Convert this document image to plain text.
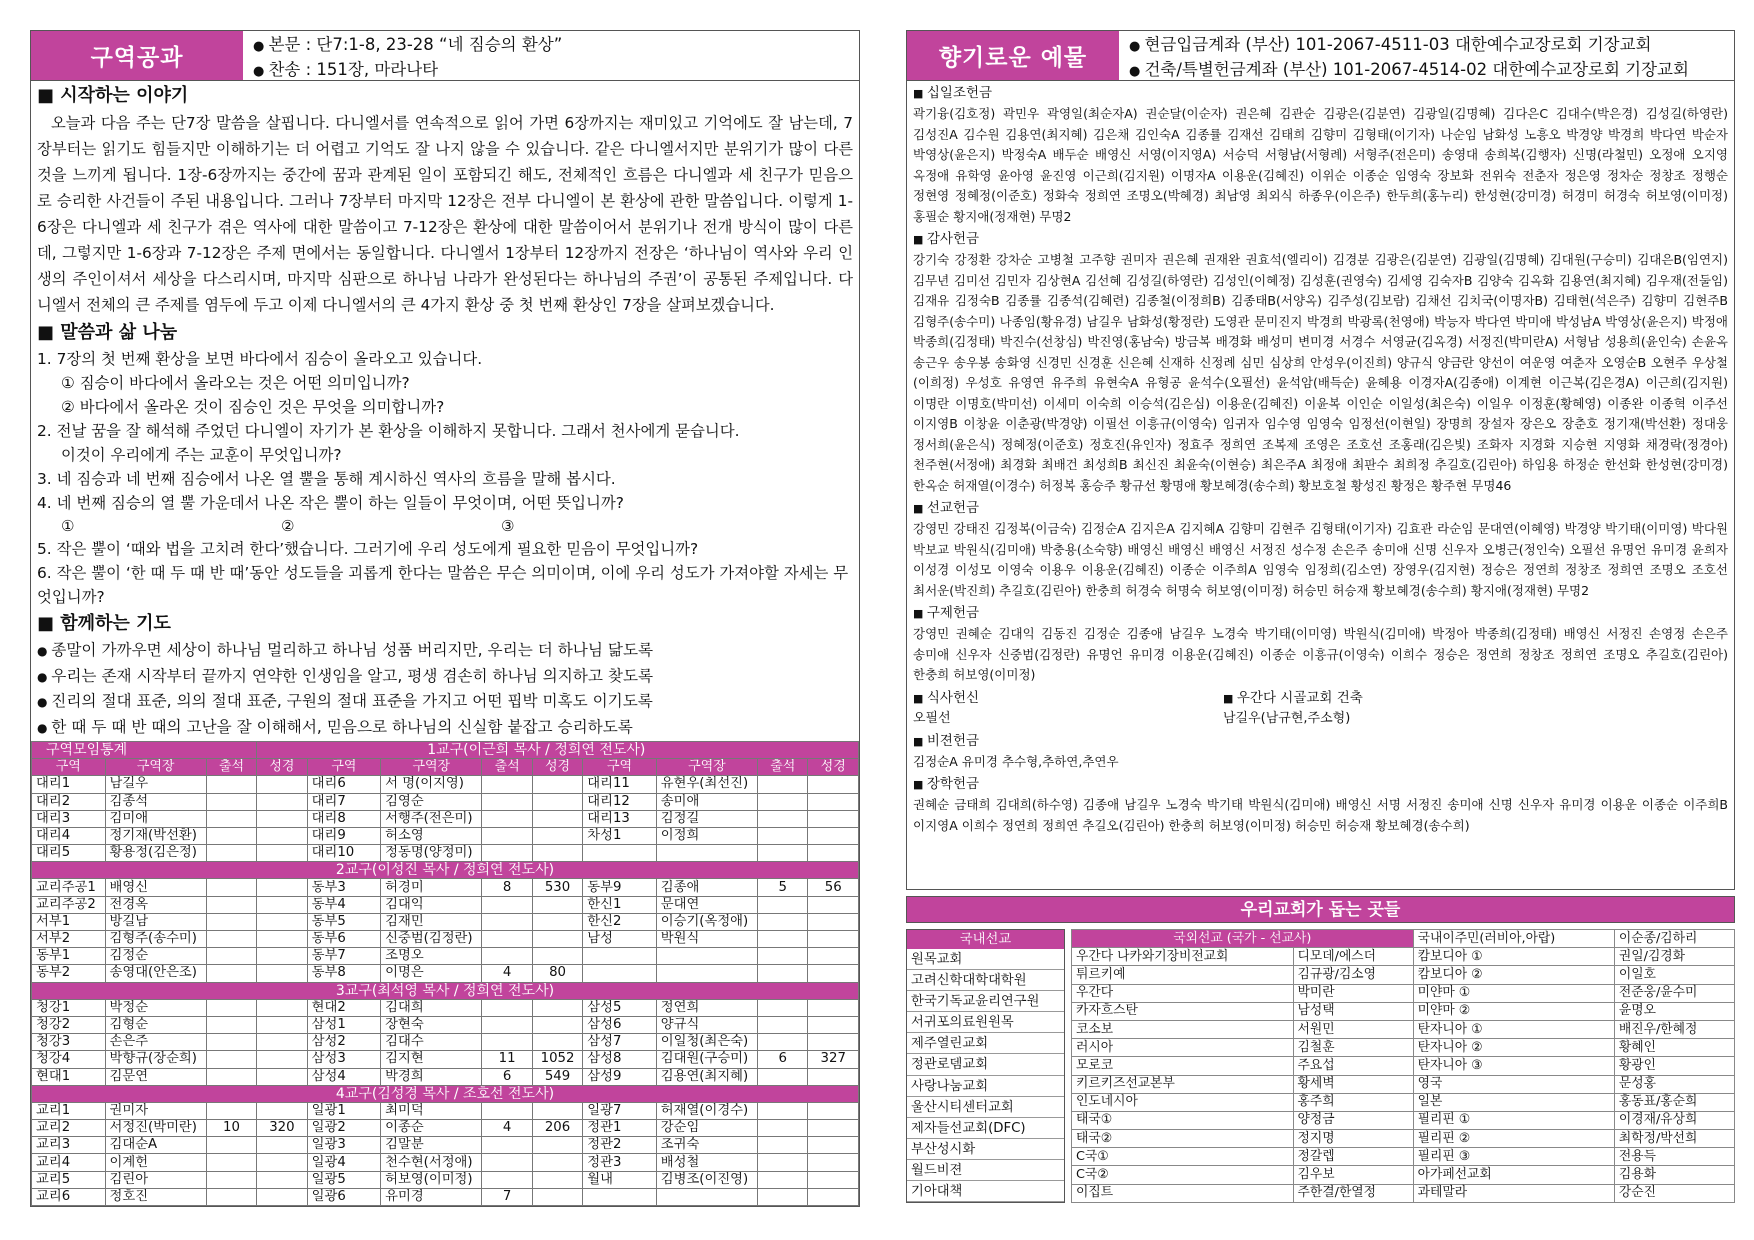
구역공과
● 본문 : 단7:1-8, 23-28 “네 짐승의 환상”
● 찬송 : 151장, 마라나타
■ 시작하는 이야기
오늘과 다음 주는 단7장 말씀을 살핍니다. 다니엘서를 연속적으로 읽어 가면 6장까지는 재미있고 기억에도 잘 남는데, 7장부터는 읽기도 힘들지만 이해하기는 더 어렵고 기억도 잘 나지 않을 수 있습니다. 같은 다니엘서지만 분위기가 많이 다른 것을 느끼게 됩니다. 1장-6장까지는 중간에 꿈과 관계된 일이 포함되긴 해도, 전체적인 흐름은 다니엘과 세 친구가 믿음으로 승리한 사건들이 주된 내용입니다. 그러나 7장부터 마지막 12장은 전부 다니엘이 본 환상에 관한 말씀입니다. 이렇게 1-6장은 다니엘과 세 친구가 겪은 역사에 대한 말씀이고 7-12장은 환상에 대한 말씀이어서 분위기나 전개 방식이 많이 다른데, 그렇지만 1-6장과 7-12장은 주제 면에서는 동일합니다. 다니엘서 1장부터 12장까지 전장은 ‘하나님이 역사와 우리 인생의 주인이셔서 세상을 다스리시며, 마지막 심판으로 하나님 나라가 완성된다는 하나님의 주권’이 공통된 주제입니다. 다니엘서 전체의 큰 주제를 염두에 두고 이제 다니엘서의 큰 4가지 환상 중 첫 번째 환상인 7장을 살펴보겠습니다.
■ 말씀과 삶 나눔
1. 7장의 첫 번째 환상을 보면 바다에서 짐승이 올라오고 있습니다.
① 짐승이 바다에서 올라오는 것은 어떤 의미입니까?
② 바다에서 올라온 것이 짐승인 것은 무엇을 의미합니까?
2. 전날 꿈을 잘 해석해 주었던 다니엘이 자기가 본 환상을 이해하지 못합니다. 그래서 천사에게 묻습니다.
이것이 우리에게 주는 교훈이 무엇입니까?
3. 네 짐승과 네 번째 짐승에서 나온 열 뿔을 통해 계시하신 역사의 흐름을 말해 봅시다.
4. 네 번째 짐승의 열 뿔 가운데서 나온 작은 뿔이 하는 일들이 무엇이며, 어떤 뜻입니까?
①	②	③
5. 작은 뿔이 ‘때와 법을 고치려 한다’했습니다. 그러기에 우리 성도에게 필요한 믿음이 무엇입니까?
6. 작은 뿔이 ‘한 때 두 때 반 때’동안 성도들을 괴롭게 한다는 말씀은 무슨 의미이며, 이에 우리 성도가 가져야할 자세는 무엇입니까?
■ 함께하는 기도
● 종말이 가까우면 세상이 하나님 멀리하고 하나님 성품 버리지만, 우리는 더 하나님 닮도록
● 우리는 존재 시작부터 끝까지 연약한 인생임을 알고, 평생 겸손히 하나님 의지하고 찾도록
● 진리의 절대 표준, 의의 절대 표준, 구원의 절대 표준을 가지고 어떤 핍박 미혹도 이기도록
● 한 때 두 때 반 때의 고난을 잘 이해해서, 믿음으로 하나님의 신실함 붙잡고 승리하도록
구역모임통계			1교구(이근희 목사 / 정희연 전도사)								
구역	구역장	출석	성경	구역	구역장	출석	성경	구역	구역장	출석	성경
대리1	남길우			대리6	서 명(이지영)			대리11	유현우(최선진)		
대리2	김종석			대리7	김영순			대리12	송미애		
대리3	김미애			대리8	서행주(전은미)			대리13	김정길		
대리4	정기재(박선환)			대리9	허소영			차성1	이정희		
대리5	황용정(김은정)			대리10	정동명(양정미)						
2교구(이성진 목사 / 정희연 전도사)											
교리주공1	배영신			동부3	허경미	8	530	동부9	김종애	5	56
교리주공2	전경옥			동부4	김대익			한신1	문대연		
서부1	방길남			동부5	김재민			한신2	이승기(옥정애)		
서부2	김형주(송수미)			동부6	신중범(김정란)			남성	박원식		
동부1	김정순			동부7	조명오						
동부2	송영대(안은조)			동부8	이명은	4	80				
3교구(최석영 목사 / 정희연 전도사)											
청강1	박정순			현대2	김대희			삼성5	정연희		
청강2	김형순			삼성1	장현숙			삼성6	양규식		
청강3	손은주			삼성2	김대수			삼성7	이일청(최은숙)		
청강4	박향규(장순희)			삼성3	김지현	11	1052	삼성8	김대원(구승미)	6	327
현대1	김문연			삼성4	박경희	6	549	삼성9	김용연(최지혜)		
4교구(김성경 목사 / 조호선 전도사)											
교리1	권미자			일광1	최미덕			일광7	허재열(이경수)		
교리2	서정진(박미란)	10	320	일광2	이종순	4	206	정관1	강순임		
교리3	김대순A			일광3	김말분			정관2	조귀숙		
교리4	이계헌			일광4	천수현(서정애)			정관3	배성철		
교리5	김린아			일광5	허보영(이미정)			월내	김병조(이진영)		
교리6	정호진			일광6	유미경	7					
향기로운 예물
● 현금입금계좌 (부산) 101-2067-4511-03 대한예수교장로회 기장교회
● 건축/특별헌금계좌 (부산) 101-2067-4514-02 대한예수교장로회 기장교회
■ 십일조헌금
곽기융(김호정) 곽민우 곽영일(최순자A) 권순달(이순자) 권은혜 김관순 김광은(김분연) 김광일(김명혜) 김다은C 김대수(박은경) 김성길(하영란) 김성진A 김수원 김용연(최지혜) 김은채 김인숙A 김종률 김재선 김태희 김향미 김형태(이기자) 나순임 남화성 노흥오 박경양 박경희 박다연 박순자 박영상(윤은지) 박정숙A 배두순 배영신 서영(이지영A) 서승덕 서형남(서형례) 서형주(전은미) 송영대 송희복(김행자) 신명(라철민) 오정애 오지영 옥정애 유학영 윤아영 윤진영 이근희(김지원) 이명자A 이용운(김혜진) 이위순 이종순 임영숙 장보화 전위숙 전춘자 정은영 정차순 정창조 정행순 정현영 정혜정(이준호) 정화숙 정희연 조명오(박혜경) 최남영 최외식 하종우(이은주) 한두희(홍누리) 한성현(강미경) 허경미 허경숙 허보영(이미정) 홍필순 황지애(정재현) 무명2
■ 감사헌금
강기숙 강정환 강차순 고병철 고주향 권미자 권은혜 권재완 권효석(엘리이) 김경분 김광은(김분연) 김광일(김명혜) 김대원(구승미) 김대은B(임연지) 김무년 김미선 김민자 김상현A 김선혜 김성길(하영란) 김성인(이혜정) 김성훈(권영숙) 김세영 김숙자B 김양숙 김옥화 김용연(최지혜) 김우재(전둘임) 김재유 김정숙B 김종률 김종석(김혜련) 김종철(이정희B) 김종태B(서양옥) 김주성(김보람) 김채선 김치국(이명자B) 김태현(석은주) 김향미 김현주B 김형주(송수미) 나종임(황유경) 남길우 남화성(황정란) 도영관 문미진지 박경희 박광록(천영애) 박능자 박다연 박미애 박성남A 박영상(윤은지) 박정애 박종희(김정태) 박진수(선창심) 박진영(홍남숙) 방금복 배경화 배성미 변미경 서경수 서영균(김옥경) 서정진(박미란A) 서형남 성용희(윤인숙) 손윤옥 송근우 송우봉 송화영 신경민 신경훈 신은혜 신재하 신정례 심민 심상희 안성우(이진희) 양규식 양금란 양선이 여운영 여춘자 오영순B 오현주 우상철(이희정) 우성호 유영연 유주희 유현숙A 유형공 윤석수(오필선) 윤석암(배득순) 윤혜용 이경자A(김종애) 이계현 이근복(김은경A) 이근희(김지원) 이명란 이명호(박미선) 이세미 이숙희 이승석(김은심) 이용운(김혜진) 이윤복 이인순 이일성(최은숙) 이일우 이정훈(황혜영) 이종완 이종혁 이주선 이지영B 이창윤 이춘광(박경양) 이필선 이흥규(이영숙) 임귀자 임수영 임영숙 임정선(이현일) 장명희 장설자 장은오 장춘호 정기재(박선환) 정대웅 정서희(윤은식) 정혜정(이준호) 정호진(유인자) 정효주 정희연 조복제 조영은 조호선 조홍래(김은빛) 조화자 지경화 지승현 지영화 채경락(정경아) 천주현(서정애) 최경화 최배건 최성희B 최신진 최윤숙(이현승) 최은주A 최정애 최판수 최희정 추길호(김린아) 하임용 하정순 한선화 한성현(강미경) 한옥순 허재열(이경수) 허정복 홍승주 황규선 황명애 황보혜경(송수희) 황보호철 황성진 황정은 황주현 무명46
■ 선교헌금
강영민 강태진 김정복(이금숙) 김정순A 김지은A 김지혜A 김향미 김현주 김형태(이기자) 김효관 라순임 문대연(이혜영) 박경양 박기태(이미영) 박다원 박보교 박원식(김미애) 박충용(소숙향) 배영신 배영신 배영신 서정진 성수정 손은주 송미애 신명 신우자 오병근(정인숙) 오필선 유명언 유미경 윤희자 이성경 이성모 이영숙 이용우 이용운(김혜진) 이종순 이주희A 임영숙 임정희(김소연) 장영우(김지현) 정승은 정연희 정창조 정희연 조명오 조호선 최서운(박진희) 추길호(김린아) 한충희 허경숙 허명숙 허보영(이미정) 허승민 허승재 황보혜경(송수희) 황지애(정재현) 무명2
■ 구제헌금
강영민 권혜순 김대익 김동진 김정순 김종애 남길우 노경숙 박기태(이미영) 박원식(김미애) 박정아 박종희(김정태) 배영신 서정진 손영정 손은주 송미애 신우자 신중범(김정란) 유명언 유미경 이용운(김혜진) 이종순 이흥규(이영숙) 이희수 정승은 정연희 정창조 정희연 조명오 추길호(김린아) 한충희 허보영(이미정)
■ 식사헌신	■ 우간다 시골교회 건축
오필선	남길우(남규현,주소형)
■ 비젼헌금
김정순A 유미경 추수형,추하연,추연우
■ 장학헌금
권혜순 금태희 김대희(하수영) 김종애 남길우 노경숙 박기태 박원식(김미애) 배영신 서명 서정진 송미애 신명 신우자 유미경 이용운 이종순 이주희B 이지영A 이희수 정연희 정희연 추길오(김린아) 한충희 허보영(이미정) 허승민 허승재 황보혜경(송수희)
우리교회가 돕는 곳들
국내선교
원목교회
고려신학대학대학원
한국기독교윤리연구원
서귀포의료원원목
제주열린교회
정관로뎀교회
사랑나눔교회
울산시티센터교회
제자들선교회(DFC)
부산성시화
월드비젼
기아대책
국외선교 (국가 - 선교사)		국내이주민(러비아,아랍)	이순종/김하리
우간다 나카와기장비전교회	디모데/에스더	캄보디아 ①	권일/김경화
튀르키예	김규광/김소영	캄보디아 ②	이일호
우간다	박미란	미얀마 ①	전준웅/윤수미
카자흐스탄	남성택	미얀마 ②	윤명오
코소보	서원민	탄자니아 ①	배진우/한혜정
러시아	김철훈	탄자니아 ②	황혜인
모로코	주요섭	탄자니아 ③	황광인
키르키즈선교본부	황세벽	영국	문성홍
인도네시아	홍주희	일본	홍동표/홍순희
태국①	양정금	필리핀 ①	이경재/유상희
태국②	정지명	필리핀 ②	최학정/박선희
C국①	정갈렙	필리핀 ③	전용득
C국②	김우보	아가페선교회	김용화
이집트	주한결/한열정	과테말라	강순진
